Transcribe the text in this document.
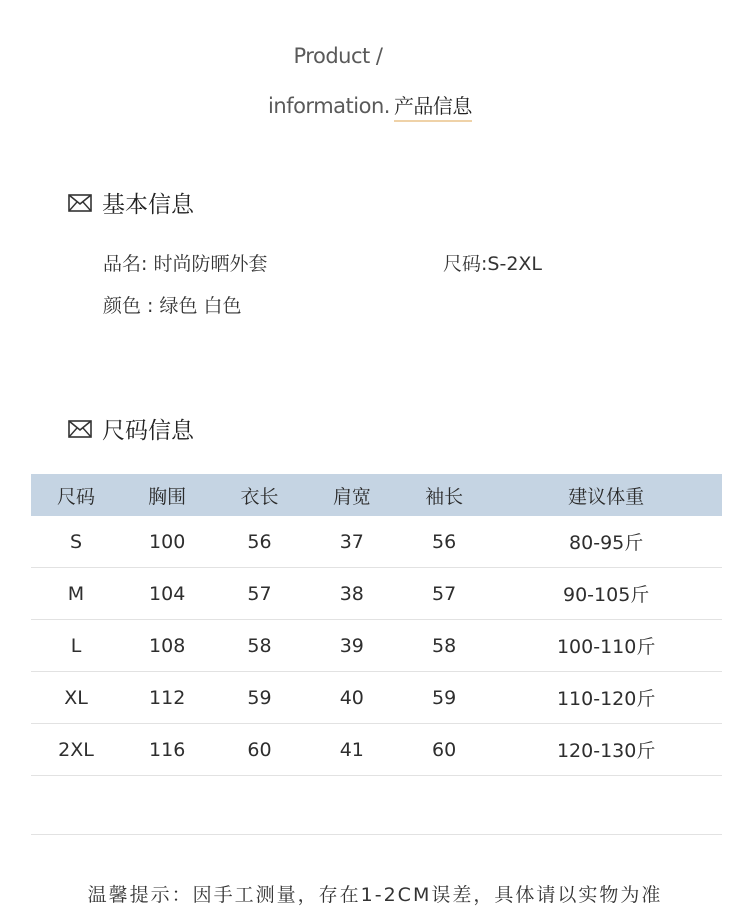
Product /
information. 产品信息
基本信息
品名: 时尚防晒外套	尺码:S-2XL
颜色 : 绿色 白色
尺码信息
尺码	胸围	衣长	肩宽	袖长	建议体重
S	100	56	37	56	80-95斤
M	104	57	38	57	90-105斤
L	108	58	39	58	100-110斤
XL	112	59	40	59	110-120斤
2XL	116	60	41	60	120-130斤
温馨提示：因手工测量，存在1-2CM误差，具体请以实物为准
